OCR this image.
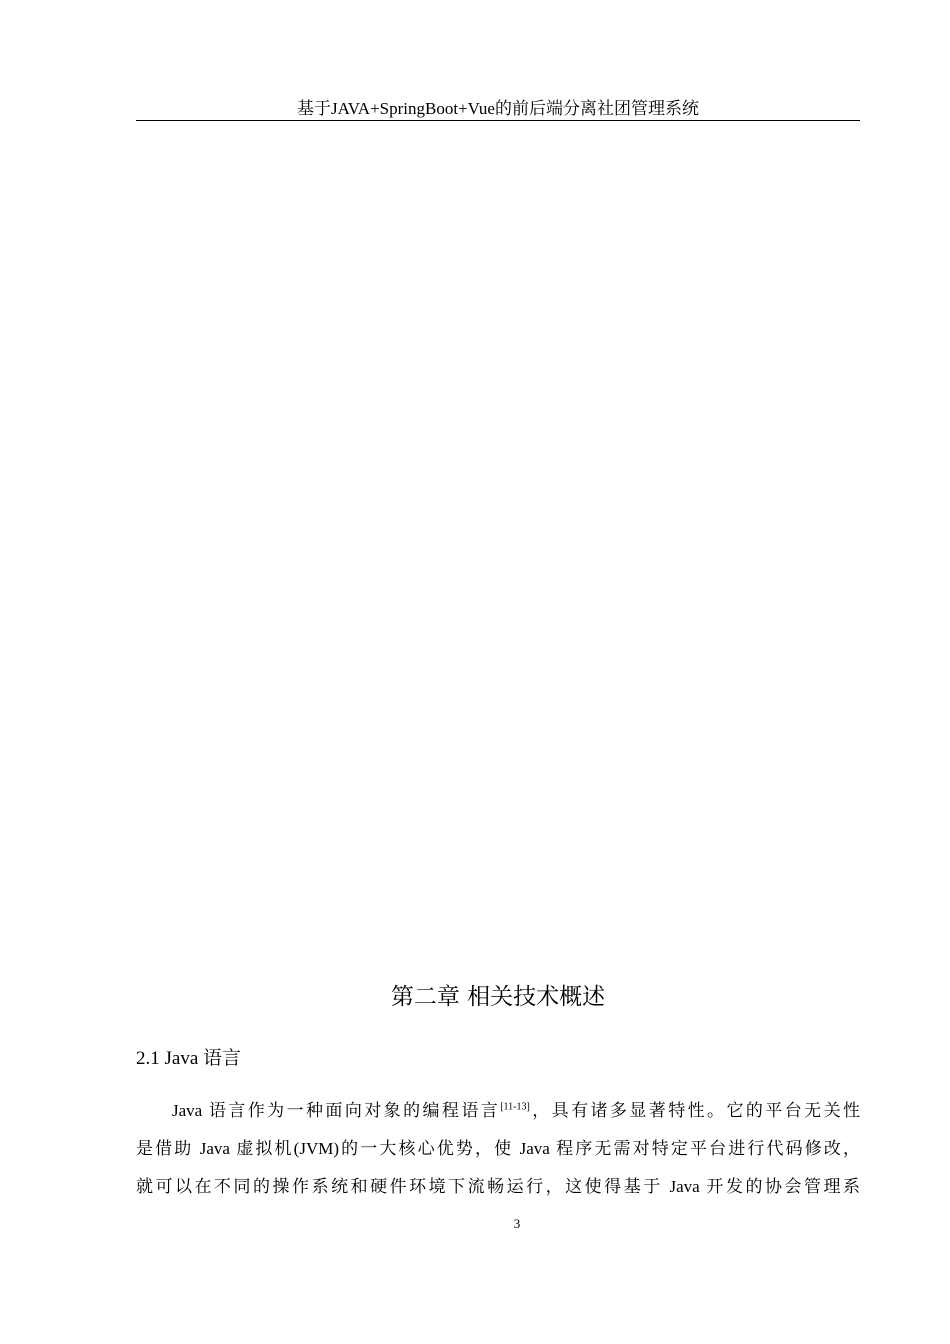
基于JAVA+SpringBoot+Vue的前后端分离社团管理系统
第二章 相关技术概述
2.1 Java 语言
Java 语言作为一种面向对象的编程语言[11-13]，具有诸多显著特性。它的平台无关性
是借助 Java 虚拟机(JVM)的一大核心优势，使 Java 程序无需对特定平台进行代码修改，
就可以在不同的操作系统和硬件环境下流畅运行，这使得基于 Java 开发的协会管理系
3
